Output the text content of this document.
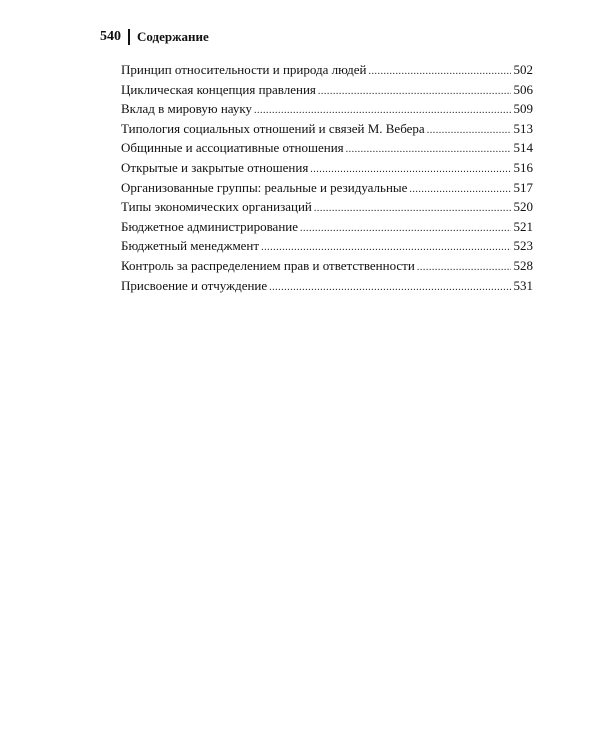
540 Содержание
Принцип относительности и природа людей .....	502
Циклическая концепция правления .....	506
Вклад в мировую науку .....	509
Типология социальных отношений и связей М. Вебера .....	513
Общинные и ассоциативные отношения .....	514
Открытые и закрытые отношения .....	516
Организованные группы: реальные и резидуальные .....	517
Типы экономических организаций .....	520
Бюджетное администрирование .....	521
Бюджетный менеджмент .....	523
Контроль за распределением прав и ответственности .....	528
Присвоение и отчуждение .....	531
